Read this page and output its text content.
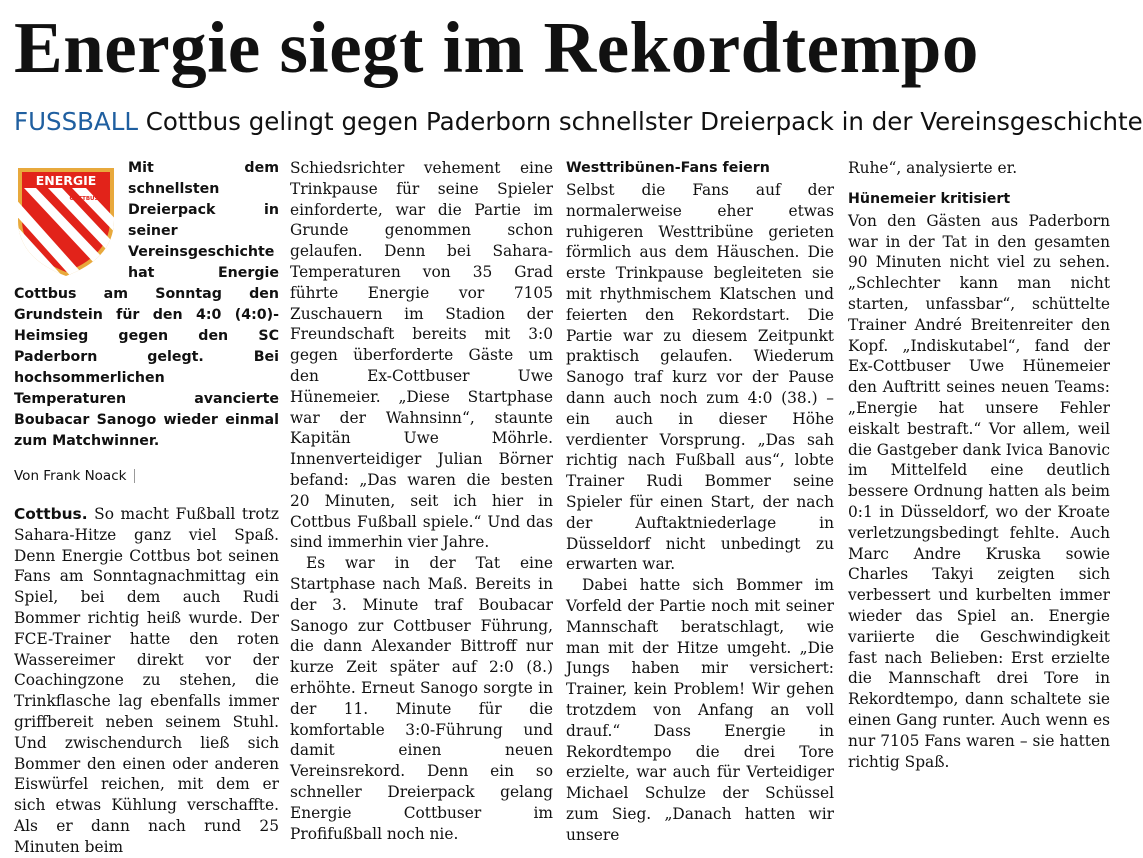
Energie siegt im Rekordtempo
FUSSBALL Cottbus gelingt gegen Paderborn schnellster Dreierpack in der Vereinsgeschichte
ENERGIE
COTTBUS

Mit dem schnellsten Dreierpack in seiner Vereinsgeschichte hat Energie Cottbus am Sonntag den Grundstein für den 4:0 (4:0)-Heimsieg gegen den SC Paderborn gelegt. Bei hochsommerlichen Temperaturen avancierte Boubacar Sanogo wieder einmal zum Matchwinner.

Von Frank Noack

Cottbus. So macht Fußball trotz Sahara-Hitze ganz viel Spaß. Denn Energie Cottbus bot seinen Fans am Sonntagnachmittag ein Spiel, bei dem auch Rudi Bommer richtig heiß wurde. Der FCE-Trainer hatte den roten Wassereimer direkt vor der Coachingzone zu stehen, die Trinkflasche lag ebenfalls immer griffbereit neben seinem Stuhl. Und zwischendurch ließ sich Bommer den einen oder anderen Eiswürfel reichen, mit dem er sich etwas Kühlung verschaffte. Als er dann nach rund 25 Minuten beim

Schiedsrichter vehement eine Trinkpause für seine Spieler einforderte, war die Partie im Grunde genommen schon gelaufen. Denn bei Sahara-Temperaturen von 35 Grad führte Energie vor 7105 Zuschauern im Stadion der Freundschaft bereits mit 3:0 gegen überforderte Gäste um den Ex-Cottbuser Uwe Hünemeier. „Diese Startphase war der Wahnsinn“, staunte Kapitän Uwe Möhrle. Innenverteidiger Julian Börner befand: „Das waren die besten 20 Minuten, seit ich hier in Cottbus Fußball spiele.“ Und das sind immerhin vier Jahre.

Es war in der Tat eine Startphase nach Maß. Bereits in der 3. Minute traf Boubacar Sanogo zur Cottbuser Führung, die dann Alexander Bittroff nur kurze Zeit später auf 2:0 (8.) erhöhte. Erneut Sanogo sorgte in der 11. Minute für die komfortable 3:0-Führung und damit einen neuen Vereinsrekord. Denn ein so schneller Dreierpack gelang Energie Cottbuser im Profifußball noch nie.

Westtribünen-Fans feiern

Selbst die Fans auf der normalerweise eher etwas ruhigeren Westtribüne gerieten förmlich aus dem Häuschen. Die erste Trinkpause begleiteten sie mit rhythmischem Klatschen und feierten den Rekordstart. Die Partie war zu diesem Zeitpunkt praktisch gelaufen. Wiederum Sanogo traf kurz vor der Pause dann auch noch zum 4:0 (38.) – ein auch in dieser Höhe verdienter Vorsprung. „Das sah richtig nach Fußball aus“, lobte Trainer Rudi Bommer seine Spieler für einen Start, der nach der Auftaktniederlage in Düsseldorf nicht unbedingt zu erwarten war.

Dabei hatte sich Bommer im Vorfeld der Partie noch mit seiner Mannschaft beratschlagt, wie man mit der Hitze umgeht. „Die Jungs haben mir versichert: Trainer, kein Problem! Wir gehen trotzdem von Anfang an voll drauf.“ Dass Energie in Rekordtempo die drei Tore erzielte, war auch für Verteidiger Michael Schulze der Schüssel zum Sieg. „Danach hatten wir unsere

Ruhe“, analysierte er.

Hünemeier kritisiert

Von den Gästen aus Paderborn war in der Tat in den gesamten 90 Minuten nicht viel zu sehen. „Schlechter kann man nicht starten, unfassbar“, schüttelte Trainer André Breitenreiter den Kopf. „Indiskutabel“, fand der Ex-Cottbuser Uwe Hünemeier den Auftritt seines neuen Teams: „Energie hat unsere Fehler eiskalt bestraft.“ Vor allem, weil die Gastgeber dank Ivica Banovic im Mittelfeld eine deutlich bessere Ordnung hatten als beim 0:1 in Düsseldorf, wo der Kroate verletzungsbedingt fehlte. Auch Marc Andre Kruska sowie Charles Takyi zeigten sich verbessert und kurbelten immer wieder das Spiel an. Energie variierte die Geschwindigkeit fast nach Belieben: Erst erzielte die Mannschaft drei Tore in Rekordtempo, dann schaltete sie einen Gang runter. Auch wenn es nur 7105 Fans waren – sie hatten richtig Spaß.
